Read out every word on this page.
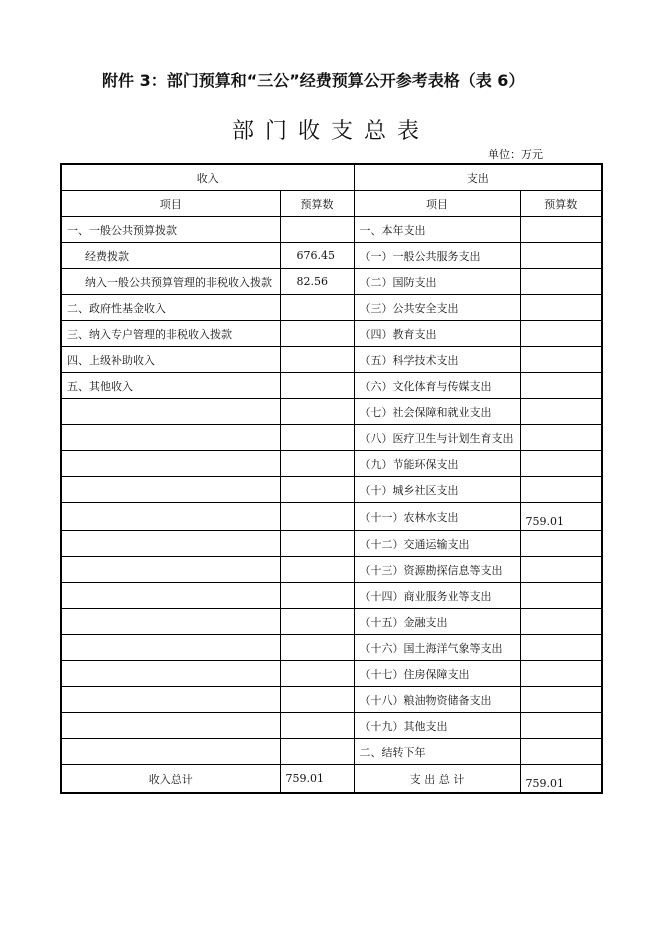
附件 3：部门预算和“三公”经费预算公开参考表格（表 6）
部门收支总表
单位：万元
收入		支出	
项目	预算数	项目	预算数
一、一般公共预算拨款		一、本年支出	
经费拨款	676.45	（一）一般公共服务支出	
纳入一般公共预算管理的非税收入拨款	82.56	（二）国防支出	
二、政府性基金收入		（三）公共安全支出	
三、纳入专户管理的非税收入拨款		（四）教育支出	
四、上级补助收入		（五）科学技术支出	
五、其他收入		（六）文化体育与传媒支出	
		（七）社会保障和就业支出	
		（八）医疗卫生与计划生育支出	
		（九）节能环保支出	
		（十）城乡社区支出	
		（十一）农林水支出	759.01
		（十二）交通运输支出	
		（十三）资源勘探信息等支出	
		（十四）商业服务业等支出	
		（十五）金融支出	
		（十六）国土海洋气象等支出	
		（十七）住房保障支出	
		（十八）粮油物资储备支出	
		（十九）其他支出	
		二、结转下年	
收入总计	759.01	支 出 总 计	759.01
